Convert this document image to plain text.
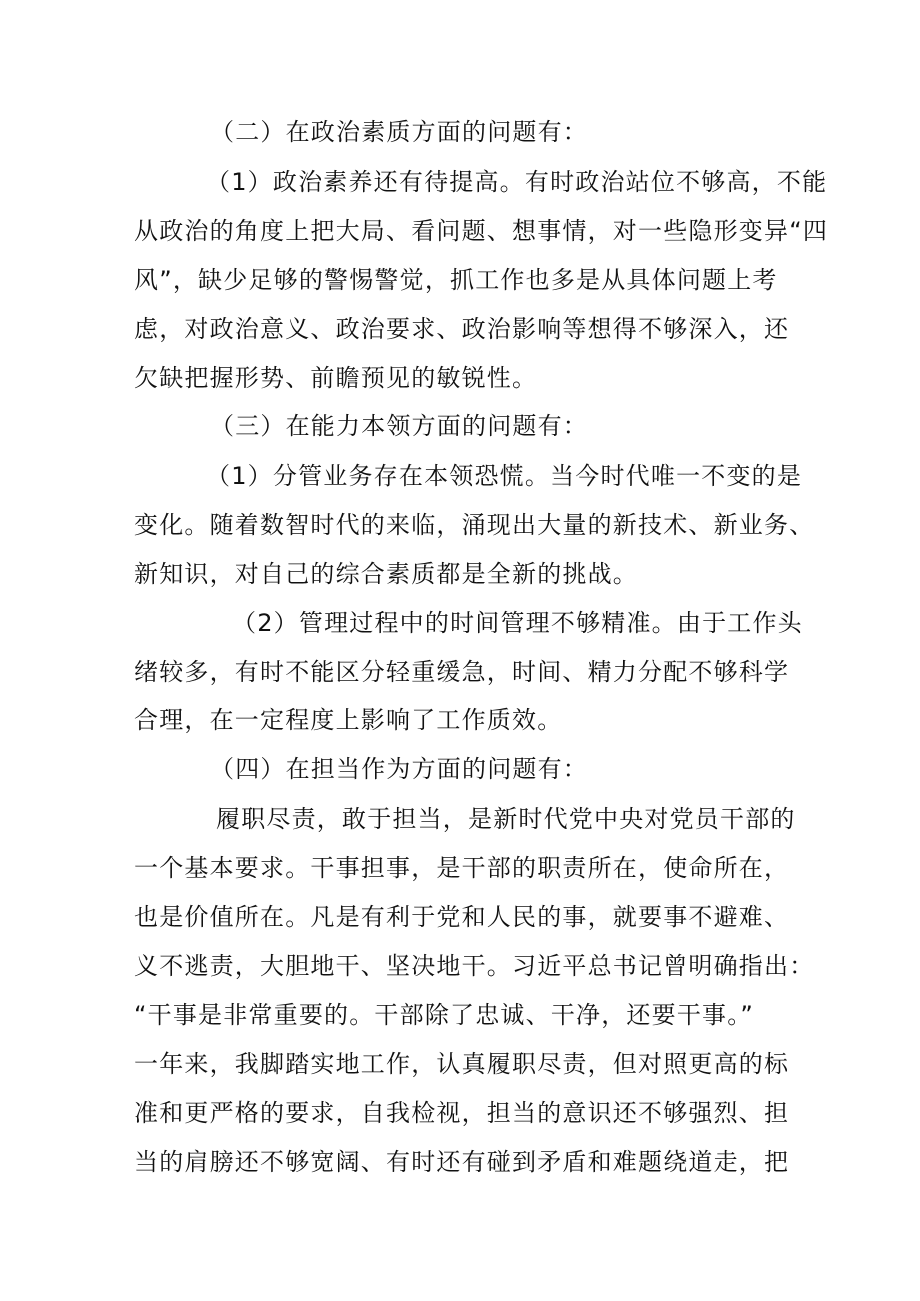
（二）在政治素质方面的问题有：
（1）政治素养还有待提高。有时政治站位不够高，不能
从政治的角度上把大局、看问题、想事情，对一些隐形变异“四
风”，缺少足够的警惕警觉，抓工作也多是从具体问题上考
虑，对政治意义、政治要求、政治影响等想得不够深入，还
欠缺把握形势、前瞻预见的敏锐性。
（三）在能力本领方面的问题有：
（1）分管业务存在本领恐慌。当今时代唯一不变的是
变化。随着数智时代的来临，涌现出大量的新技术、新业务、
新知识，对自己的综合素质都是全新的挑战。
（2）管理过程中的时间管理不够精准。由于工作头
绪较多，有时不能区分轻重缓急，时间、精力分配不够科学
合理，在一定程度上影响了工作质效。
（四）在担当作为方面的问题有：
履职尽责，敢于担当，是新时代党中央对党员干部的
一个基本要求。干事担事，是干部的职责所在，使命所在，
也是价值所在。凡是有利于党和人民的事，就要事不避难、
义不逃责，大胆地干、坚决地干。习近平总书记曾明确指出：
“干事是非常重要的。干部除了忠诚、干净，还要干事。”
一年来，我脚踏实地工作，认真履职尽责，但对照更高的标
准和更严格的要求，自我检视，担当的意识还不够强烈、担
当的肩膀还不够宽阔、有时还有碰到矛盾和难题绕道走，把
